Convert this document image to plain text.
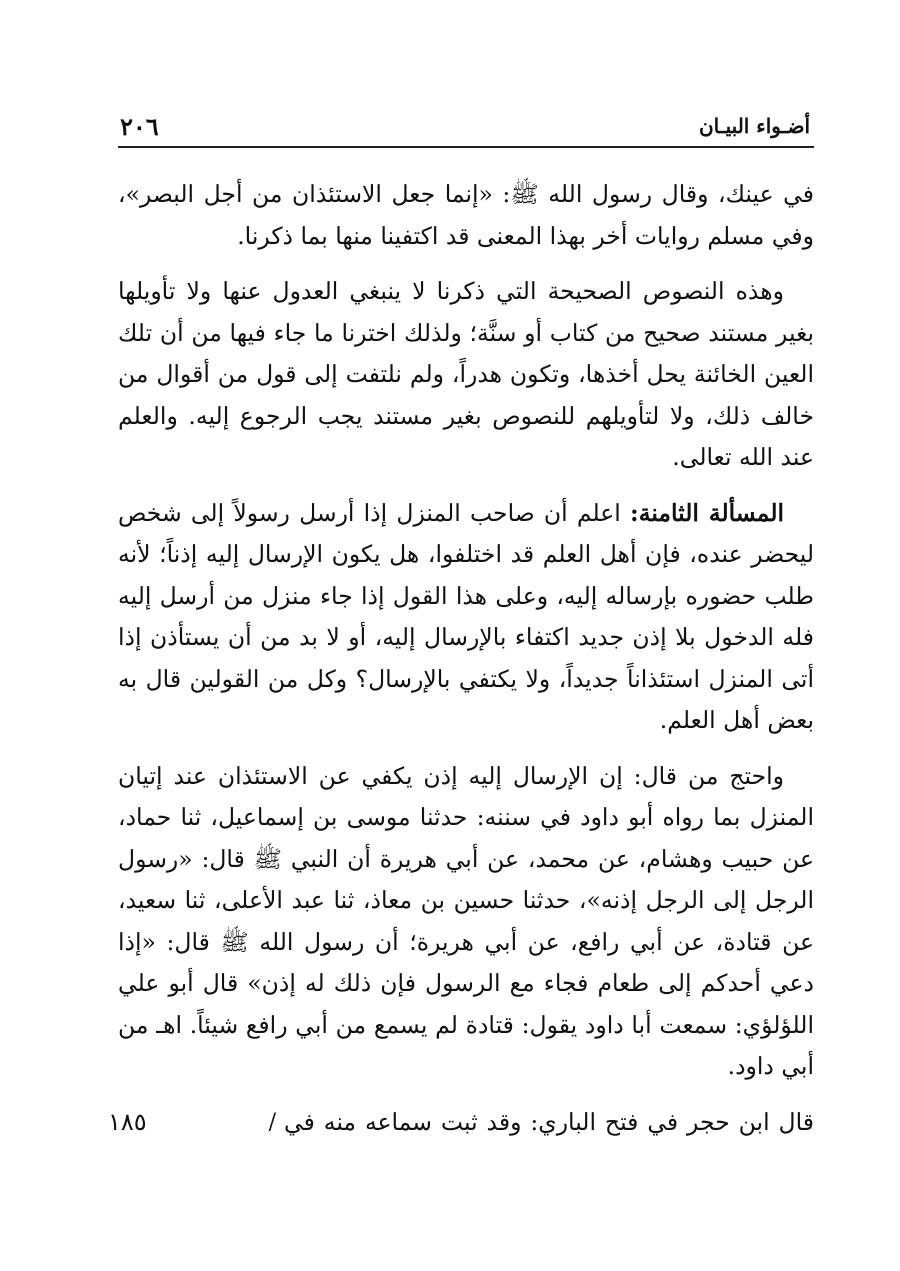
أضـواء البيـان
٢٠٦

في عينك، وقال رسول الله ﷺ: «إنما جعل الاستئذان من أجل البصر»، وفي مسلم روايات أخر بهذا المعنى قد اكتفينا منها بما ذكرنا.

وهذه النصوص الصحيحة التي ذكرنا لا ينبغي العدول عنها ولا تأويلها بغير مستند صحيح من كتاب أو سنَّة؛ ولذلك اخترنا ما جاء فيها من أن تلك العين الخائنة يحل أخذها، وتكون هدراً، ولم نلتفت إلى قول من أقوال من خالف ذلك، ولا لتأويلهم للنصوص بغير مستند يجب الرجوع إليه. والعلم عند الله تعالى.

المسألة الثامنة: اعلم أن صاحب المنزل إذا أرسل رسولاً إلى شخص ليحضر عنده، فإن أهل العلم قد اختلفوا، هل يكون الإرسال إليه إذناً؛ لأنه طلب حضوره بإرساله إليه، وعلى هذا القول إذا جاء منزل من أرسل إليه فله الدخول بلا إذن جديد اكتفاء بالإرسال إليه، أو لا بد من أن يستأذن إذا أتى المنزل استئذاناً جديداً، ولا يكتفي بالإرسال؟ وكل من القولين قال به بعض أهل العلم.

واحتج من قال: إن الإرسال إليه إذن يكفي عن الاستئذان عند إتيان المنزل بما رواه أبو داود في سننه: حدثنا موسى بن إسماعيل، ثنا حماد، عن حبيب وهشام، عن محمد، عن أبي هريرة أن النبي ﷺ قال: «رسول الرجل إلى الرجل إذنه»، حدثنا حسين بن معاذ، ثنا عبد الأعلى، ثنا سعيد، عن قتادة، عن أبي رافع، عن أبي هريرة؛ أن رسول الله ﷺ قال: «إذا دعي أحدكم إلى طعام فجاء مع الرسول فإن ذلك له إذن» قال أبو علي اللؤلؤي: سمعت أبا داود يقول: قتادة لم يسمع من أبي رافع شيئاً. اهـ من أبي داود.

قال ابن حجر في فتح الباري: وقد ثبت سماعه منه في
/
١٨٥
